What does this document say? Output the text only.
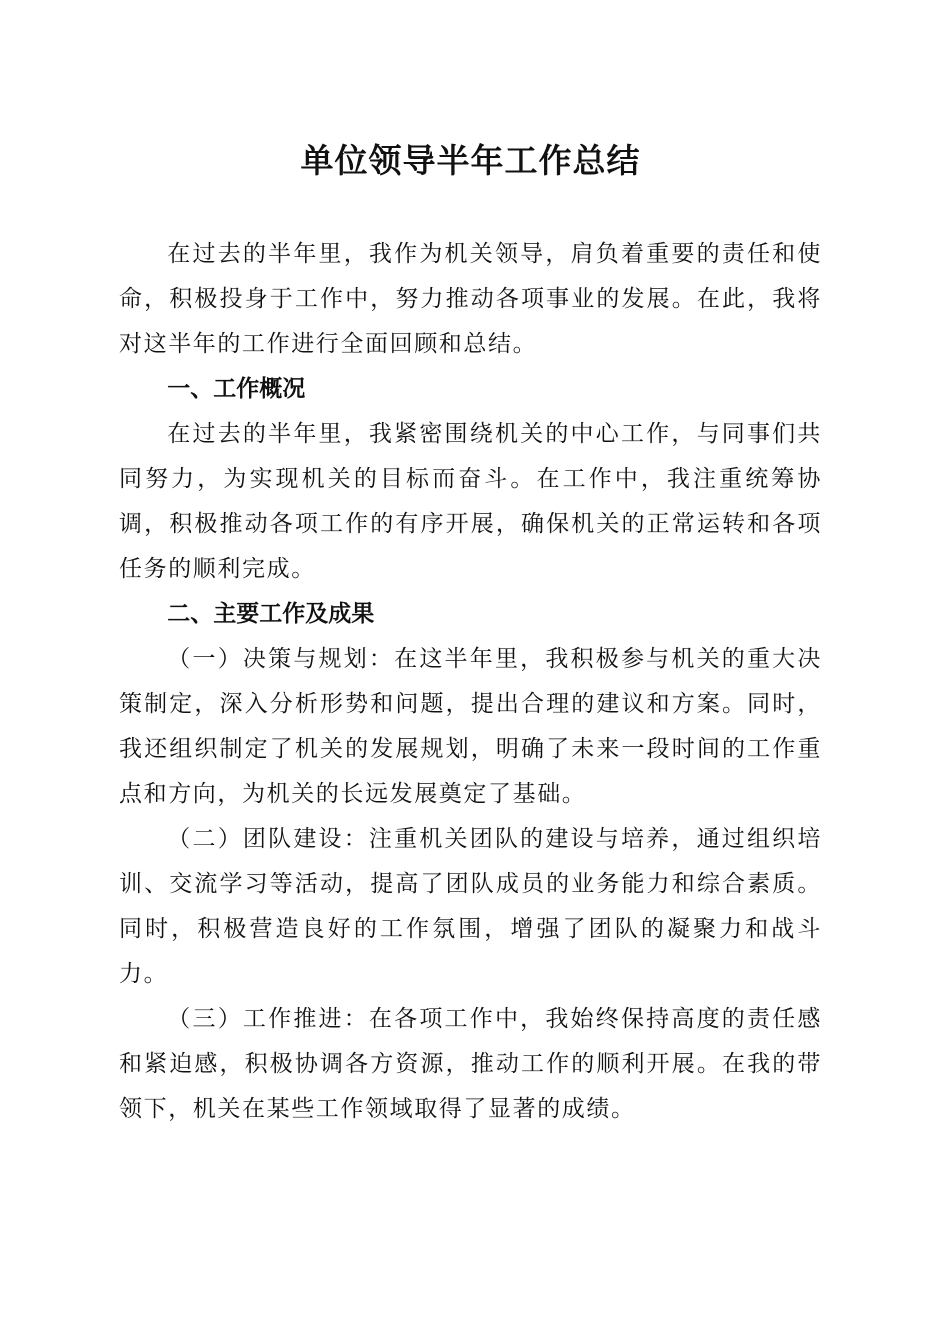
单位领导半年工作总结

在过去的半年里，我作为机关领导，肩负着重要的责任和使命，积极投身于工作中，努力推动各项事业的发展。在此，我将对这半年的工作进行全面回顾和总结。

一、工作概况

在过去的半年里，我紧密围绕机关的中心工作，与同事们共同努力，为实现机关的目标而奋斗。在工作中，我注重统筹协调，积极推动各项工作的有序开展，确保机关的正常运转和各项任务的顺利完成。

二、主要工作及成果

（一）决策与规划：在这半年里，我积极参与机关的重大决策制定，深入分析形势和问题，提出合理的建议和方案。同时，我还组织制定了机关的发展规划，明确了未来一段时间的工作重点和方向，为机关的长远发展奠定了基础。

（二）团队建设：注重机关团队的建设与培养，通过组织培训、交流学习等活动，提高了团队成员的业务能力和综合素质。同时，积极营造良好的工作氛围，增强了团队的凝聚力和战斗力。

（三）工作推进：在各项工作中，我始终保持高度的责任感和紧迫感，积极协调各方资源，推动工作的顺利开展。在我的带领下，机关在某些工作领域取得了显著的成绩。
